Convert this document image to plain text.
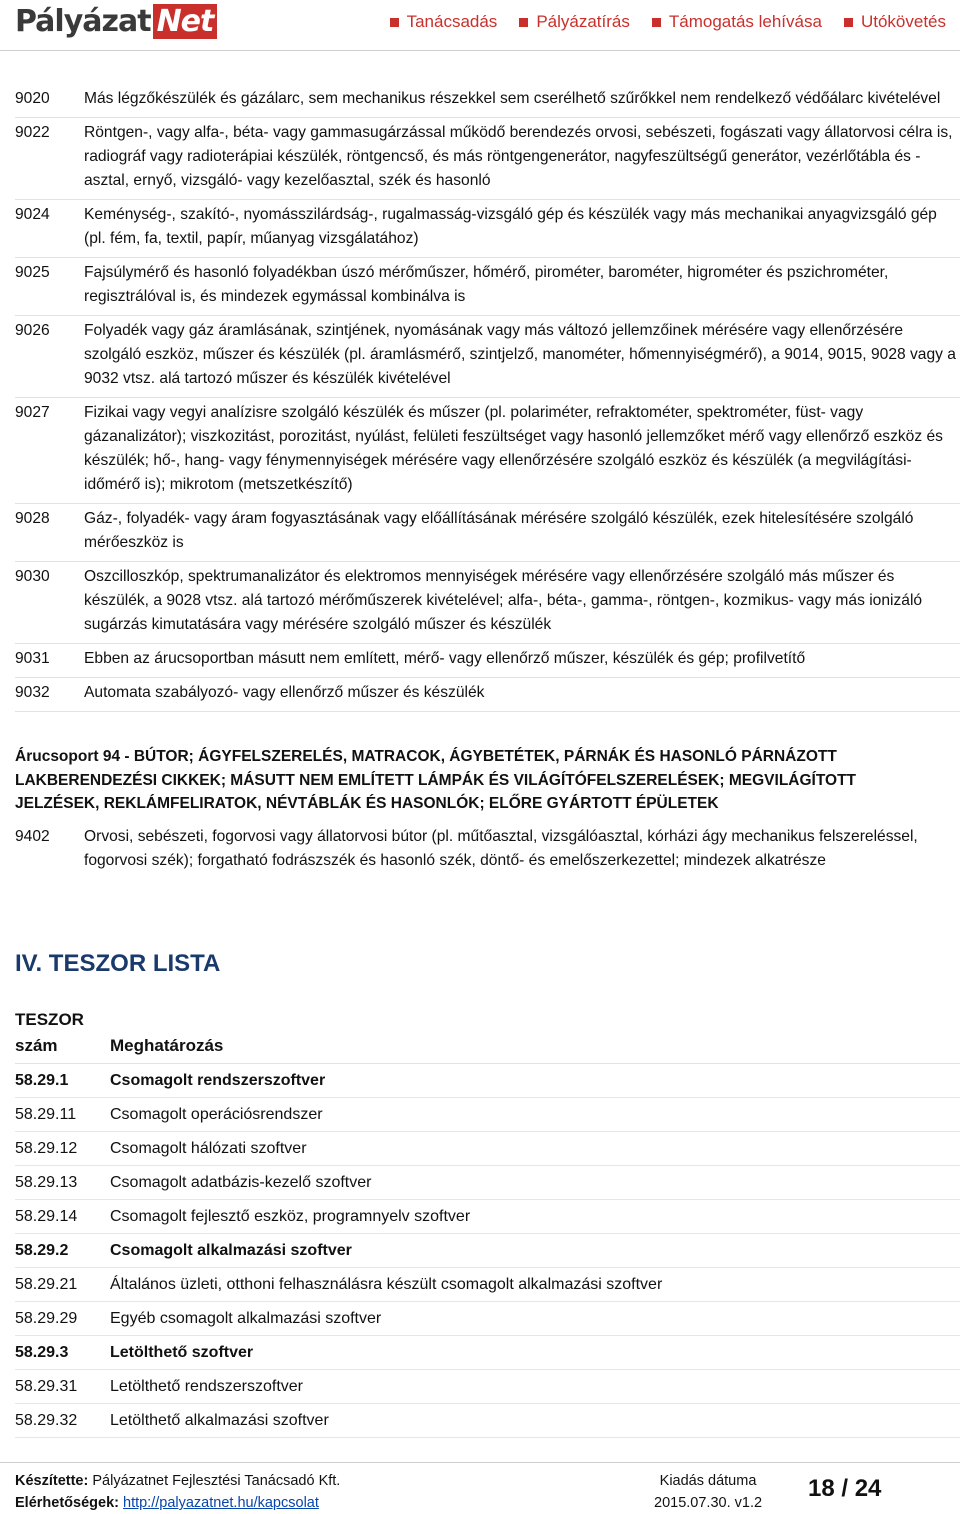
Pályázat Net	Tanácsadás Pályázatírás Támogatás lehívása Utókövetés
9020	Más légzőkészülék és gázálarc, sem mechanikus részekkel sem cserélhető szűrőkkel nem rendelkező védőálarc kivételével
9022	Röntgen-, vagy alfa-, béta- vagy gammasugárzással működő berendezés orvosi, sebészeti, fogászati vagy állatorvosi célra is, radiográf vagy radioterápiai készülék, röntgencső, és más röntgengenerátor, nagyfeszültségű generátor, vezérlőtábla és - asztal, ernyő, vizsgáló- vagy kezelőasztal, szék és hasonló
9024	Keménység-, szakító-, nyomásszilárdság-, rugalmasság-vizsgáló gép és készülék vagy más mechanikai anyagvizsgáló gép (pl. fém, fa, textil, papír, műanyag vizsgálatához)
9025	Fajsúlymérő és hasonló folyadékban úszó mérőműszer, hőmérő, pirométer, barométer, higrométer és pszichrométer, regisztrálóval is, és mindezek egymással kombinálva is
9026	Folyadék vagy gáz áramlásának, szintjének, nyomásának vagy más változó jellemzőinek mérésére vagy ellenőrzésére szolgáló eszköz, műszer és készülék (pl. áramlásmérő, szintjelző, manométer, hőmennyiségmérő), a 9014, 9015, 9028 vagy a 9032 vtsz. alá tartozó műszer és készülék kivételével
9027	Fizikai vagy vegyi analízisre szolgáló készülék és műszer (pl. polariméter, refraktométer, spektrométer, füst- vagy gázanalizátor); viszkozitást, porozitást, nyúlást, felületi feszültséget vagy hasonló jellemzőket mérő vagy ellenőrző eszköz és készülék; hő-, hang- vagy fénymennyiségek mérésére vagy ellenőrzésére szolgáló eszköz és készülék (a megvilágítási-időmérő is); mikrotom (metszetkészítő)
9028	Gáz-, folyadék- vagy áram fogyasztásának vagy előállításának mérésére szolgáló készülék, ezek hitelesítésére szolgáló mérőeszköz is
9030	Oszcilloszkóp, spektrumanalizátor és elektromos mennyiségek mérésére vagy ellenőrzésére szolgáló más műszer és készülék, a 9028 vtsz. alá tartozó mérőműszerek kivételével; alfa-, béta-, gamma-, röntgen-, kozmikus- vagy más ionizáló sugárzás kimutatására vagy mérésére szolgáló műszer és készülék
9031	Ebben az árucsoportban másutt nem említett, mérő- vagy ellenőrző műszer, készülék és gép; profilvetítő
9032	Automata szabályozó- vagy ellenőrző műszer és készülék
Árucsoport 94 - BÚTOR; ÁGYFELSZERELÉS, MATRACOK, ÁGYBETÉTEK, PÁRNÁK ÉS HASONLÓ PÁRNÁZOTT LAKBERENDEZÉSI CIKKEK; MÁSUTT NEM EMLÍTETT LÁMPÁK ÉS VILÁGÍTÓFELSZERELÉSEK; MEGVILÁGÍTOTT JELZÉSEK, REKLÁMFELIRATOK, NÉVTÁBLÁK ÉS HASONLÓK; ELŐRE GYÁRTOTT ÉPÜLETEK
9402	Orvosi, sebészeti, fogorvosi vagy állatorvosi bútor (pl. műtőasztal, vizsgálóasztal, kórházi ágy mechanikus felszereléssel, fogorvosi szék); forgatható fodrászszék és hasonló szék, döntő- és emelőszerkezettel; mindezek alkatrésze
IV. TESZOR LISTA
TESZOR szám	Meghatározás
58.29.1	Csomagolt rendszerszoftver
58.29.11	Csomagolt operációsrendszer
58.29.12	Csomagolt hálózati szoftver
58.29.13	Csomagolt adatbázis-kezelő szoftver
58.29.14	Csomagolt fejlesztő eszköz, programnyelv szoftver
58.29.2	Csomagolt alkalmazási szoftver
58.29.21	Általános üzleti, otthoni felhasználásra készült csomagolt alkalmazási szoftver
58.29.29	Egyéb csomagolt alkalmazási szoftver
58.29.3	Letölthető szoftver
58.29.31	Letölthető rendszerszoftver
58.29.32	Letölthető alkalmazási szoftver
Készítette: Pályázatnet Fejlesztési Tanácsadó Kft.
Elérhetőségek: http://palyazatnet.hu/kapcsolat
Kiadás dátuma
2015.07.30. v1.2
18 / 24
